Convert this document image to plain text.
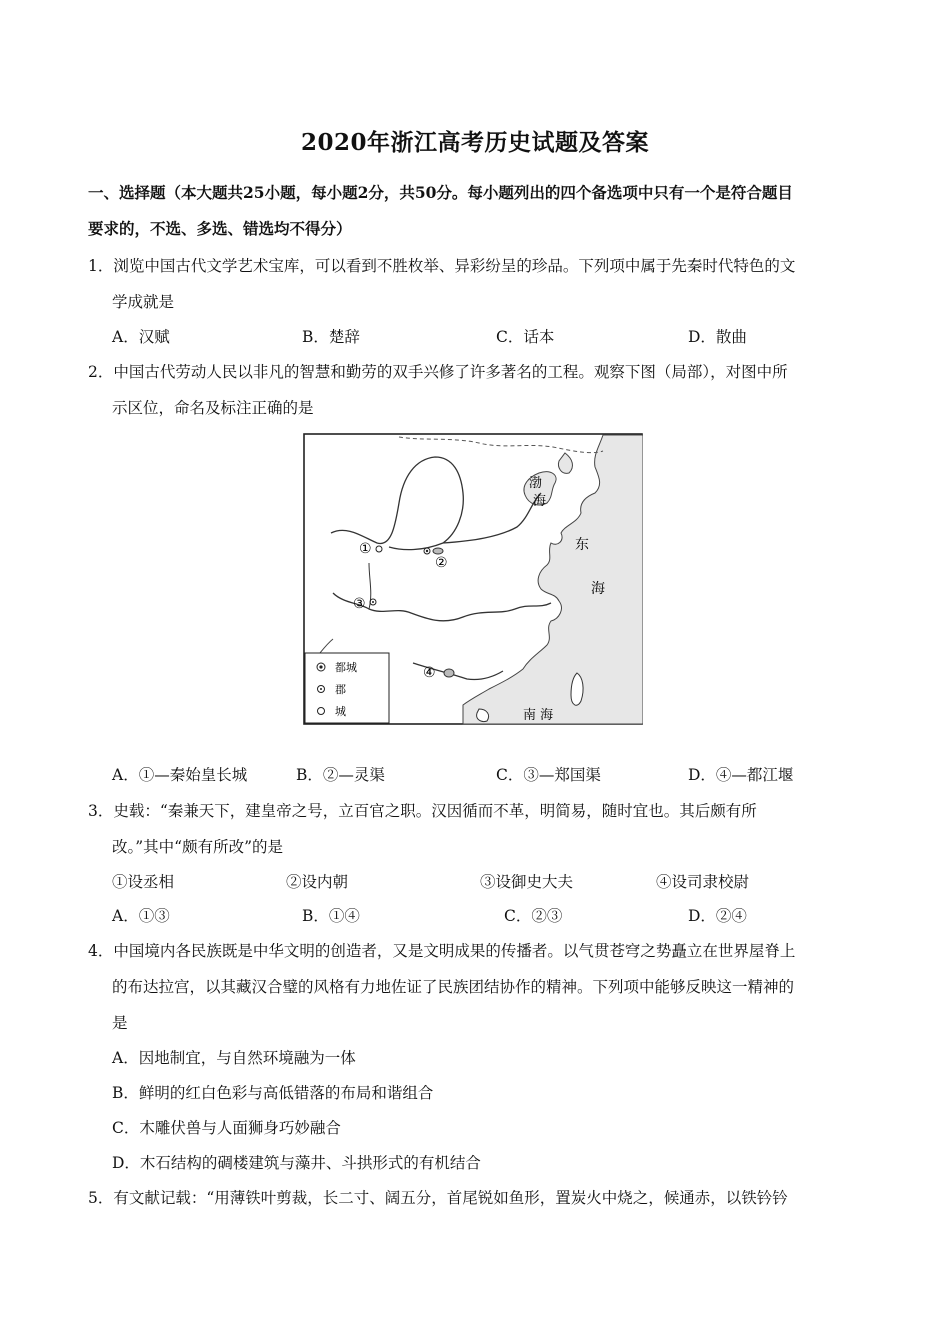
2020年浙江高考历史试题及答案
一、选择题（本大题共25小题，每小题2分，共50分。每小题列出的四个备选项中只有一个是符合题目
要求的，不选、多选、错选均不得分）
1．浏览中国古代文学艺术宝库，可以看到不胜枚举、异彩纷呈的珍品。下列项中属于先秦时代特色的文
学成就是
A．汉赋	B．楚辞	C．话本	D．散曲
2．中国古代劳动人民以非凡的智慧和勤劳的双手兴修了许多著名的工程。观察下图（局部），对图中所
示区位，命名及标注正确的是
渤
海
东
海
南 海
①
②
③
④
都城
郡
城
A．①—秦始皇长城	B．②—灵渠	C．③—郑国渠	D．④—都江堰
3．史载：“秦兼天下，建皇帝之号，立百官之职。汉因循而不革，明简易，随时宜也。其后颇有所
改。”其中“颇有所改”的是
①设丞相	②设内朝	③设御史大夫	④设司隶校尉
A．①③	B．①④	C．②③	D．②④
4．中国境内各民族既是中华文明的创造者，又是文明成果的传播者。以气贯苍穹之势矗立在世界屋脊上
的布达拉宫，以其藏汉合璧的风格有力地佐证了民族团结协作的精神。下列项中能够反映这一精神的
是
A．因地制宜，与自然环境融为一体
B．鲜明的红白色彩与高低错落的布局和谐组合
C．木雕伏兽与人面狮身巧妙融合
D．木石结构的碉楼建筑与藻井、斗拱形式的有机结合
5．有文献记载：“用薄铁叶剪裁，长二寸、阔五分，首尾锐如鱼形，置炭火中烧之，候通赤，以铁钤钤
